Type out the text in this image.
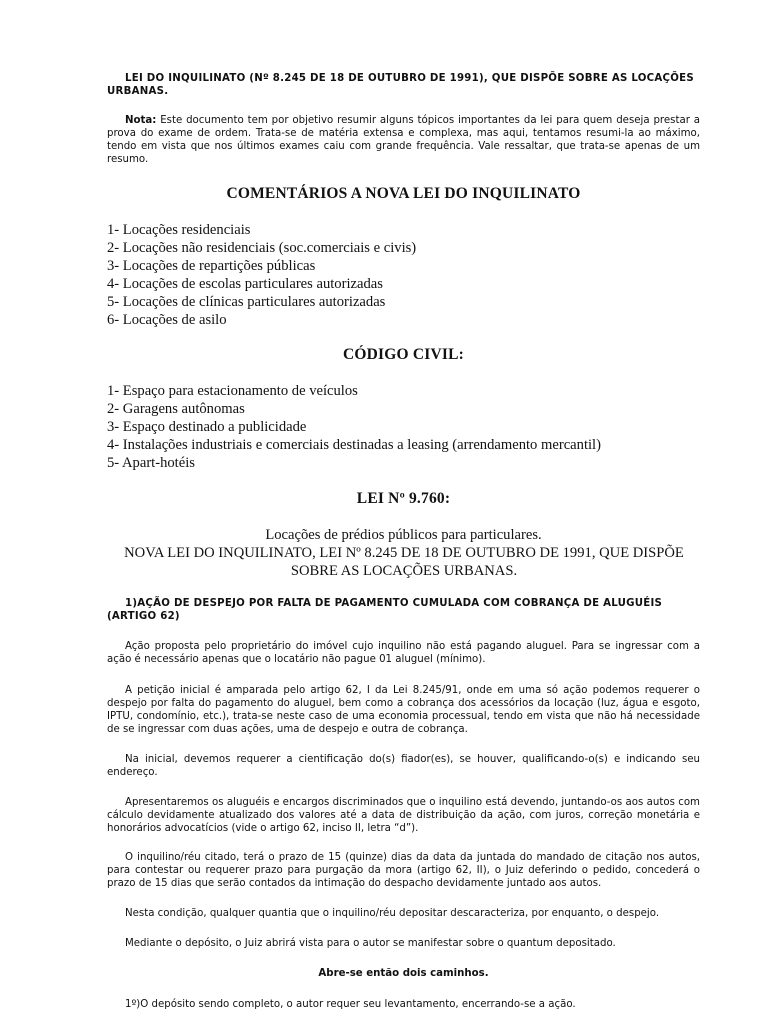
LEI DO INQUILINATO (Nº 8.245 DE 18 DE OUTUBRO DE 1991), QUE DISPÕE SOBRE AS LOCAÇÕES URBANAS.

Nota: Este documento tem por objetivo resumir alguns tópicos importantes da lei para quem deseja prestar a prova do exame de ordem. Trata-se de matéria extensa e complexa, mas aqui, tentamos resumi-la ao máximo, tendo em vista que nos últimos exames caiu com grande frequência. Vale ressaltar, que trata-se apenas de um resumo.

COMENTÁRIOS A NOVA LEI DO INQUILINATO
1- Locações residenciais
2- Locações não residenciais (soc.comerciais e civis)
3- Locações de repartições públicas
4- Locações de escolas particulares autorizadas
5- Locações de clínicas particulares autorizadas
6- Locações de asilo
CÓDIGO CIVIL:
1- Espaço para estacionamento de veículos
2- Garagens autônomas
3- Espaço destinado a publicidade
4- Instalações industriais e comerciais destinadas a leasing (arrendamento mercantil)
5- Apart-hotéis
LEI Nº 9.760:
Locações de prédios públicos para particulares.
NOVA LEI DO INQUILINATO, LEI Nº 8.245 DE 18 DE OUTUBRO DE 1991, QUE DISPÕE SOBRE AS LOCAÇÕES URBANAS.

1)AÇÃO DE DESPEJO POR FALTA DE PAGAMENTO CUMULADA COM COBRANÇA DE ALUGUÉIS (ARTIGO 62)

Ação proposta pelo proprietário do imóvel cujo inquilino não está pagando aluguel. Para se ingressar com a ação é necessário apenas que o locatário não pague 01 aluguel (mínimo).

A petição inicial é amparada pelo artigo 62, I da Lei 8.245/91, onde em uma só ação podemos requerer o despejo por falta do pagamento do aluguel, bem como a cobrança dos acessórios da locação (luz, água e esgoto, IPTU, condomínio, etc.), trata-se neste caso de uma economia processual, tendo em vista que não há necessidade de se ingressar com duas ações, uma de despejo e outra de cobrança.

Na inicial, devemos requerer a cientificação do(s) fiador(es), se houver, qualificando-o(s) e indicando seu endereço.

Apresentaremos os aluguéis e encargos discriminados que o inquilino está devendo, juntando-os aos autos com cálculo devidamente atualizado dos valores até a data de distribuição da ação, com juros, correção monetária e honorários advocatícios (vide o artigo 62, inciso II, letra “d”).

O inquilino/réu citado, terá o prazo de 15 (quinze) dias da data da juntada do mandado de citação nos autos, para contestar ou requerer prazo para purgação da mora (artigo 62, II), o Juiz deferindo o pedido, concederá o prazo de 15 dias que serão contados da intimação do despacho devidamente juntado aos autos.

Nesta condição, qualquer quantia que o inquilino/réu depositar descaracteriza, por enquanto, o despejo.

Mediante o depósito, o Juiz abrirá vista para o autor se manifestar sobre o quantum depositado.

Abre-se então dois caminhos.

1º)O depósito sendo completo, o autor requer seu levantamento, encerrando-se a ação.
